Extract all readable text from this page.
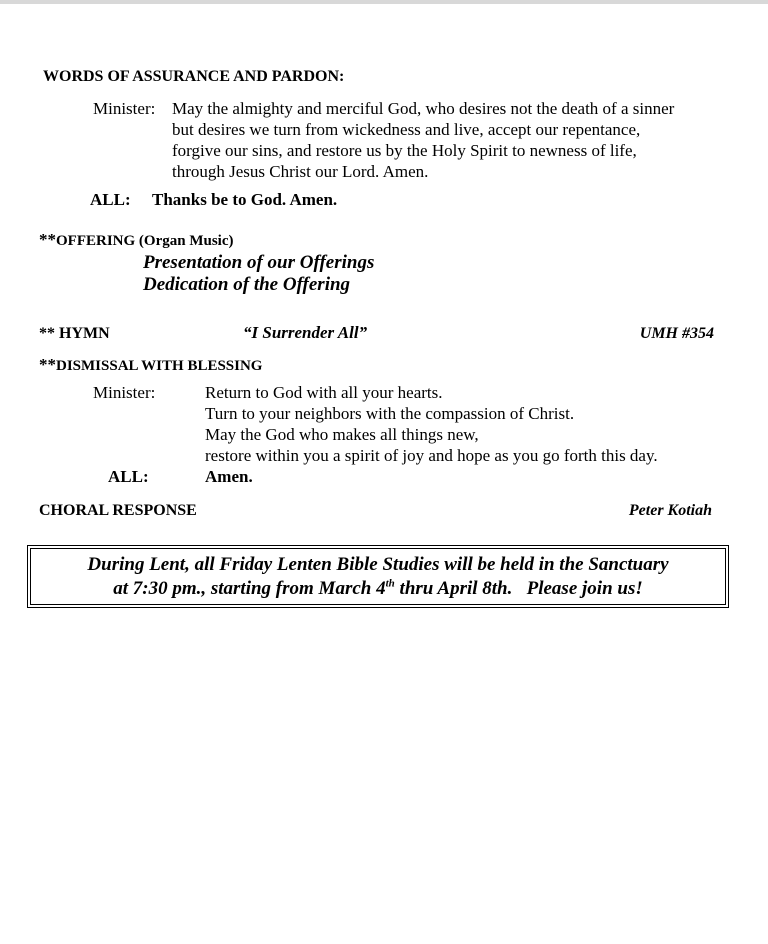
WORDS OF ASSURANCE AND PARDON:
Minister: May the almighty and merciful God, who desires not the death of a sinner
but desires we turn from wickedness and live, accept our repentance,
forgive our sins, and restore us by the Holy Spirit to newness of life,
through Jesus Christ our Lord. Amen.
ALL: Thanks be to God. Amen.
**OFFERING (Organ Music)
Presentation of our Offerings
Dedication of the Offering
** HYMN	“I Surrender All”	UMH #354
**DISMISSAL WITH BLESSING
Minister:	Return to God with all your hearts.
Turn to your neighbors with the compassion of Christ.
May the God who makes all things new,
restore within you a spirit of joy and hope as you go forth this day.
ALL:	Amen.
CHORAL RESPONSE	Peter Kotiah
During Lent, all Friday Lenten Bible Studies will be held in the Sanctuary
at 7:30 pm., starting from March 4th thru April 8th.   Please join us!
